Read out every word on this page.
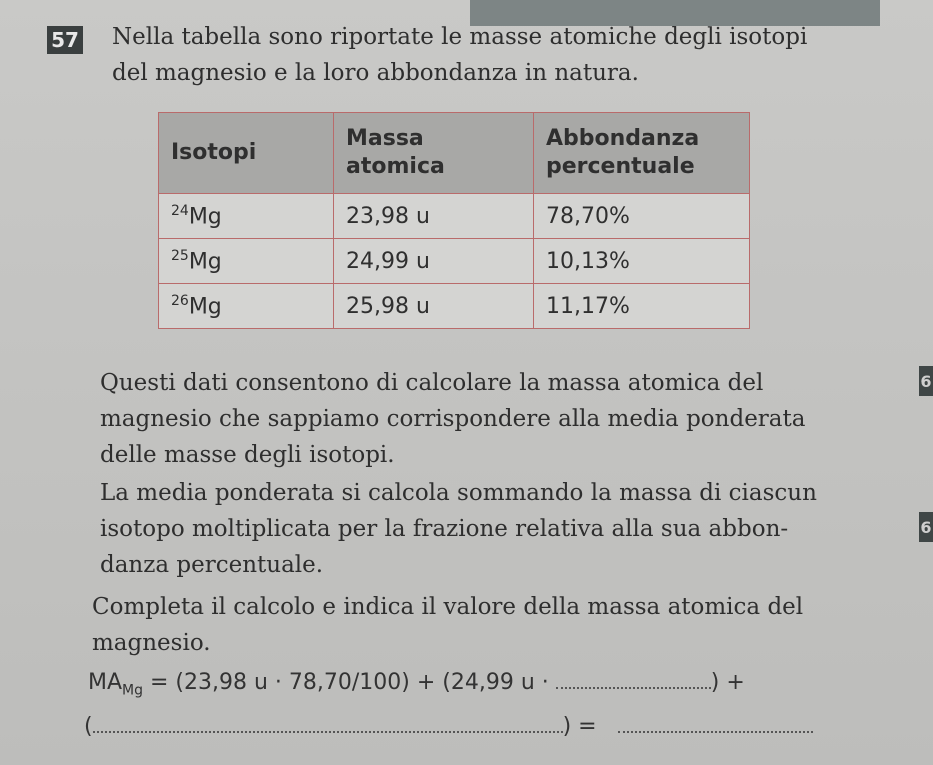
57 Nella tabella sono riportate le masse atomiche degli isotopi
del magnesio e la loro abbondanza in natura.
Isotopi	Massa atomica	Abbondanza percentuale
$^{24}$Mg	23,98 u	78,70%
$^{25}$Mg	24,99 u	10,13%
$^{26}$Mg	25,98 u	11,17%
Questi dati consentono di calcolare la massa atomica del
magnesio che sappiamo corrispondere alla media ponderata
delle masse degli isotopi.
La media ponderata si calcola sommando la massa di ciascun
isotopo moltiplicata per la frazione relativa alla sua abbon-
danza percentuale.
Completa il calcolo e indica il valore della massa atomica del
magnesio.
$MA_{Mg} = (23,98$ u · 78,70/100) + (24,99 u ·	) +
(	) =
6
6
